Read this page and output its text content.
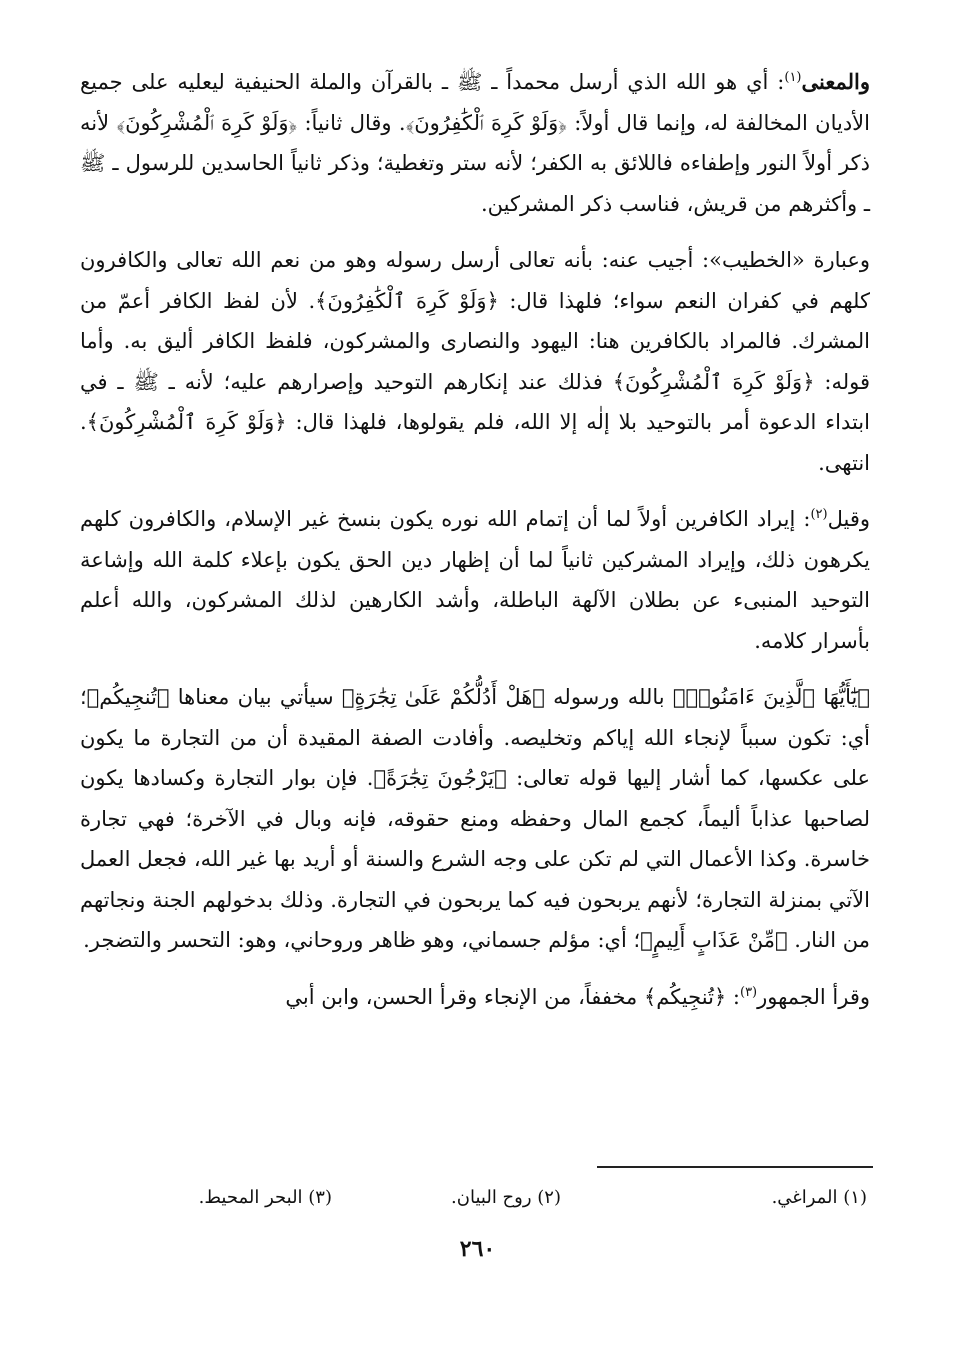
والمعنى$^{(١)}$: أي هو الله الذي أرسل محمداً ـ ﷺ ـ بالقرآن والملة الحنيفية ليعليه على جميع الأديان المخالفة له، وإنما قال أولاً: ﴿وَلَوْ كَرِهَ ٱلْكَٰفِرُونَ﴾. وقال ثانياً: ﴿وَلَوْ كَرِهَ ٱلْمُشْرِكُونَ﴾ لأنه ذكر أولاً النور وإطفاءه فاللائق به الكفر؛ لأنه ستر وتغطية؛ وذكر ثانياً الحاسدين للرسول ـ ﷺ ـ وأكثرهم من قريش، فناسب ذكر المشركين.

وعبارة «الخطيب»: أجيب عنه: بأنه تعالى أرسل رسوله وهو من نعم الله تعالى والكافرون كلهم في كفران النعم سواء؛ فلهذا قال: ﴿وَلَوْ كَرِهَ ٱلْكَٰفِرُونَ﴾. لأن لفظ الكافر أعمّ من المشرك. فالمراد بالكافرين هنا: اليهود والنصارى والمشركون، فلفظ الكافر أليق به. وأما قوله: ﴿وَلَوْ كَرِهَ ٱلْمُشْرِكُونَ﴾ فذلك عند إنكارهم التوحيد وإصرارهم عليه؛ لأنه ـ ﷺ ـ في ابتداء الدعوة أمر بالتوحيد بلا إلٰه إلا الله، فلم يقولوها، فلهذا قال: ﴿وَلَوْ كَرِهَ ٱلْمُشْرِكُونَ﴾. انتهى.

وقيل$^{(٢)}$: إيراد الكافرين أولاً لما أن إتمام الله نوره يكون بنسخ غير الإسلام، والكافرون كلهم يكرهون ذلك، وإيراد المشركين ثانياً لما أن إظهار دين الحق يكون بإعلاء كلمة الله وإشاعة التوحيد المنبىء عن بطلان الآلهة الباطلة، وأشد الكارهين لذلك المشركون، والله أعلم بأسرار كلامه.

﴿يَٰٓأَيُّهَا ٱلَّذِينَ ءَامَنُوا۟﴾ بالله ورسوله ﴿هَلْ أَدُلُّكُمْ عَلَىٰ تِجَٰرَةٍ﴾ سيأتي بيان معناها ﴿تُنجِيكُم﴾؛ أي: تكون سبباً لإنجاء الله إياكم وتخليصه. وأفادت الصفة المقيدة أن من التجارة ما يكون على عكسها، كما أشار إليها قوله تعالى: ﴿يَرْجُونَ تِجَٰرَةً﴾. فإن بوار التجارة وكسادها يكون لصاحبها عذاباً أليماً، كجمع المال وحفظه ومنع حقوقه، فإنه وبال في الآخرة؛ فهي تجارة خاسرة. وكذا الأعمال التي لم تكن على وجه الشرع والسنة أو أريد بها غير الله، فجعل العمل الآتي بمنزلة التجارة؛ لأنهم يربحون فيه كما يربحون في التجارة. وذلك بدخولهم الجنة ونجاتهم من النار. ﴿مِّنْ عَذَابٍ أَلِيمٍ﴾؛ أي: مؤلم جسماني، وهو ظاهر وروحاني، وهو: التحسر والتضجر.

وقرأ الجمهور$^{(٣)}$: ﴿تُنجِيكُم﴾ مخففاً، من الإنجاء وقرأ الحسن، وابن أبي

(١) المراغي.
(٢) روح البيان.
(٣) البحر المحيط.
٢٦٠
